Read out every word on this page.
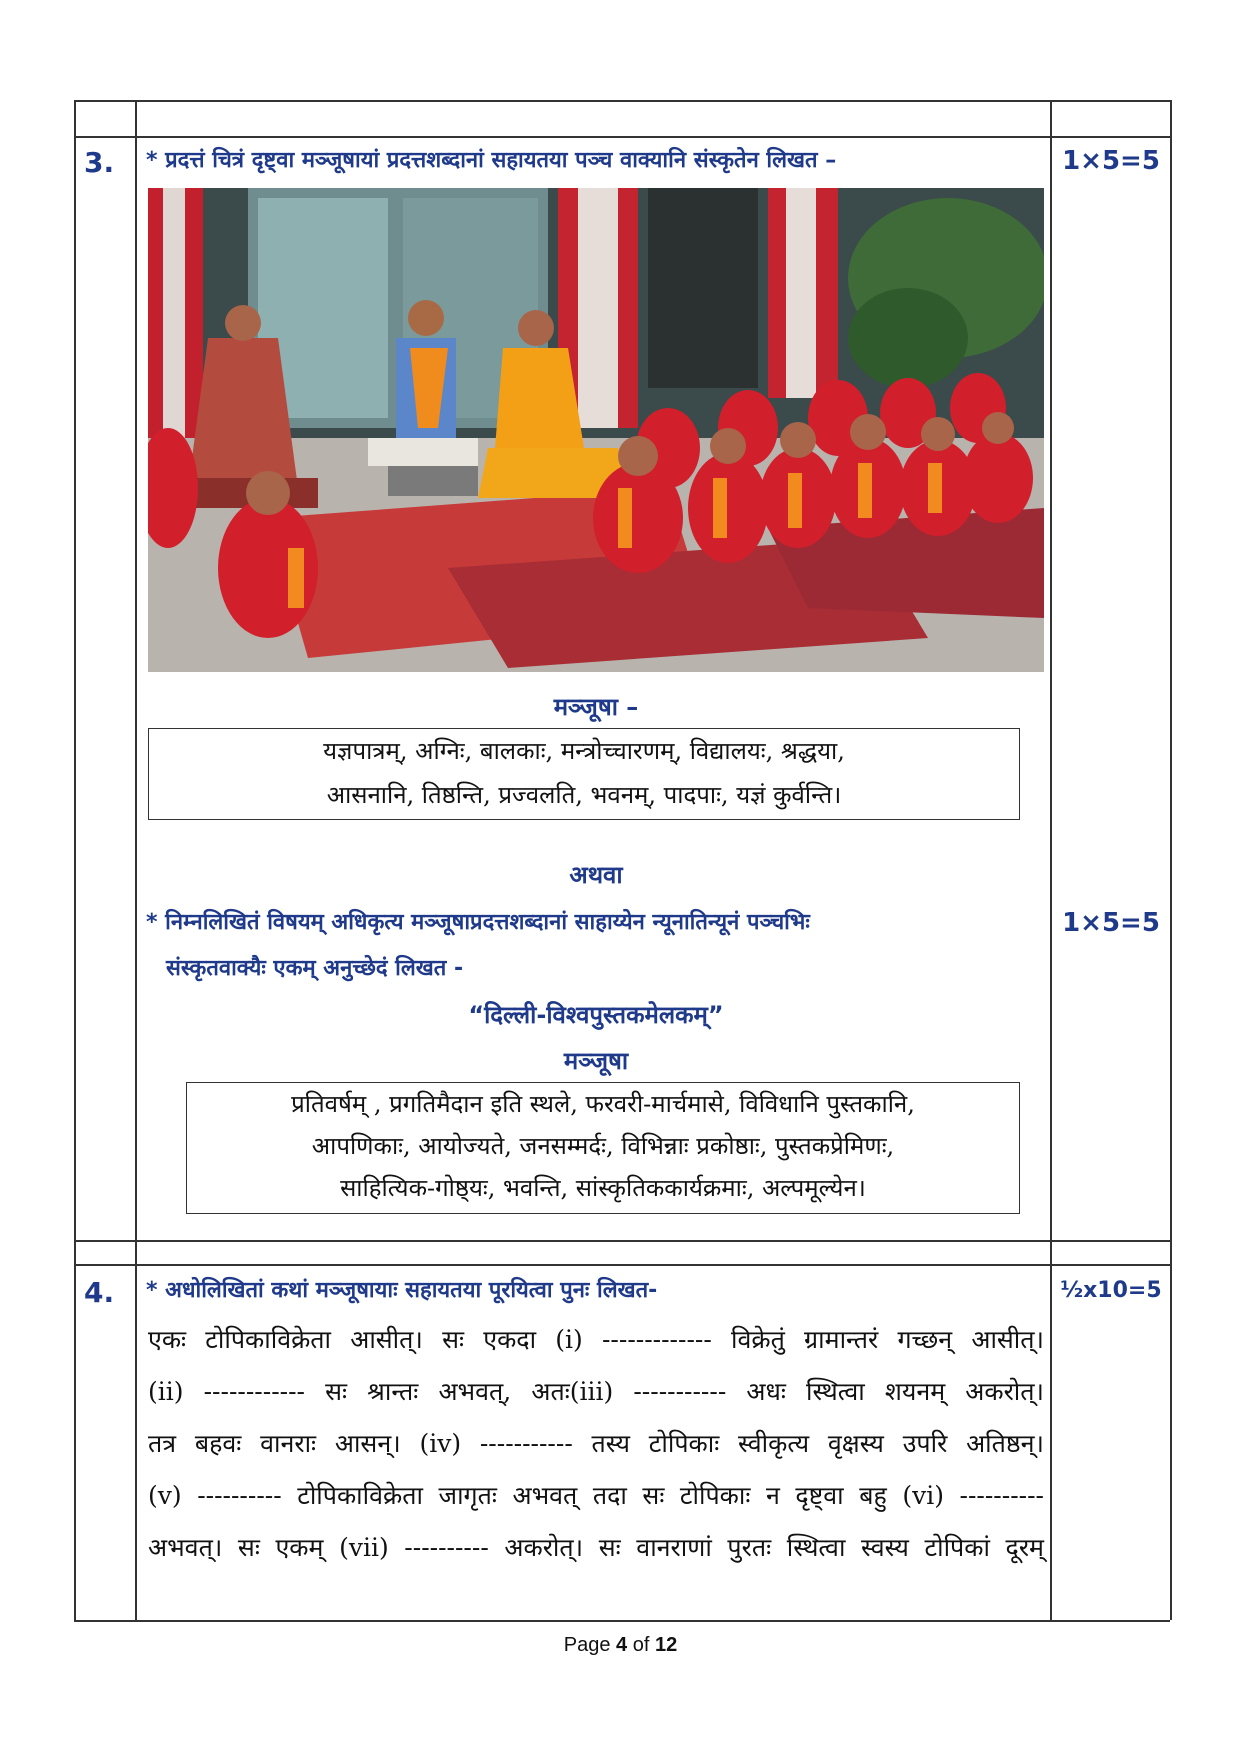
3. * प्रदत्तं चित्रं दृष्ट्वा मञ्जूषायां प्रदत्तशब्दानां सहायतया पञ्च वाक्यानि संस्कृतेन लिखत –	1×5=5
मञ्जूषा –
यज्ञपात्रम्, अग्निः, बालकाः, मन्त्रोच्चारणम्, विद्यालयः, श्रद्धया,
आसनानि, तिष्ठन्ति, प्रज्वलति, भवनम्, पादपाः, यज्ञं कुर्वन्ति।
अथवा
* निम्नलिखितं विषयम् अधिकृत्य मञ्जूषाप्रदत्तशब्दानां साहाय्येन न्यूनातिन्यूनं पञ्चभिः
संस्कृतवाक्यैः एकम् अनुच्छेदं लिखत -
1×5=5
“दिल्ली-विश्वपुस्तकमेलकम्”
मञ्जूषा
प्रतिवर्षम् , प्रगतिमैदान इति स्थले, फरवरी-मार्चमासे, विविधानि पुस्तकानि,
आपणिकाः, आयोज्यते, जनसम्मर्दः, विभिन्नाः प्रकोष्ठाः, पुस्तकप्रेमिणः,
साहित्यिक-गोष्ठ्यः, भवन्ति, सांस्कृतिककार्यक्रमाः, अल्पमूल्येन।
4. * अधोलिखितां कथां मञ्जूषायाः सहायतया पूरयित्वा पुनः लिखत-	½x10=5
एकः टोपिकाविक्रेता आसीत्। सः एकदा (i) ------------- विक्रेतुं ग्रामान्तरं गच्छन् आसीत्।
(ii) ------------ सः श्रान्तः अभवत्, अतः(iii) ----------- अधः स्थित्वा शयनम् अकरोत्।
तत्र बहवः वानराः आसन्। (iv) ----------- तस्य टोपिकाः स्वीकृत्य वृक्षस्य उपरि अतिष्ठन्।
(v) ---------- टोपिकाविक्रेता जागृतः अभवत् तदा सः टोपिकाः न दृष्ट्वा बहु (vi) ----------
अभवत्। सः एकम् (vii) ---------- अकरोत्। सः वानराणां पुरतः स्थित्वा स्वस्य टोपिकां दूरम्
Page 4 of 12
